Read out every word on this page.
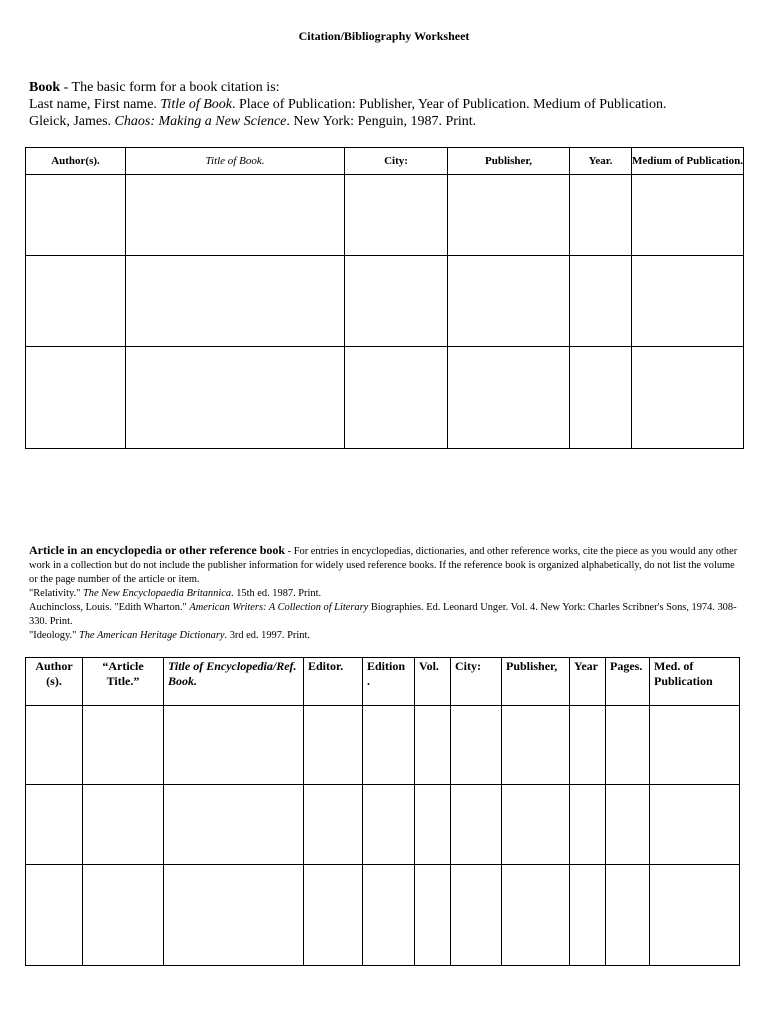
Citation/Bibliography Worksheet
Book - The basic form for a book citation is:
Last name, First name. Title of Book. Place of Publication: Publisher, Year of Publication. Medium of Publication.
Gleick, James. Chaos: Making a New Science. New York: Penguin, 1987. Print.
Author(s).	Title of Book.	City:	Publisher,	Year.	Medium of Publication.

Article in an encyclopedia or other reference book - For entries in encyclopedias, dictionaries, and other reference works, cite the piece as you would any other work in a collection but do not include the publisher information for widely used reference books. If the reference book is organized alphabetically, do not list the volume or the page number of the article or item.
"Relativity." The New Encyclopaedia Britannica. 15th ed. 1987. Print.
Auchincloss, Louis. "Edith Wharton." American Writers: A Collection of Literary Biographies. Ed. Leonard Unger. Vol. 4. New York: Charles Scribner's Sons, 1974. 308-330. Print.
"Ideology." The American Heritage Dictionary. 3rd ed. 1997. Print.
Author (s).	“Article Title.”	Title of Encyclopedia/Ref. Book.	Editor.	Edition .	Vol.	City:	Publisher,	Year	Pages.	Med. of Publication
